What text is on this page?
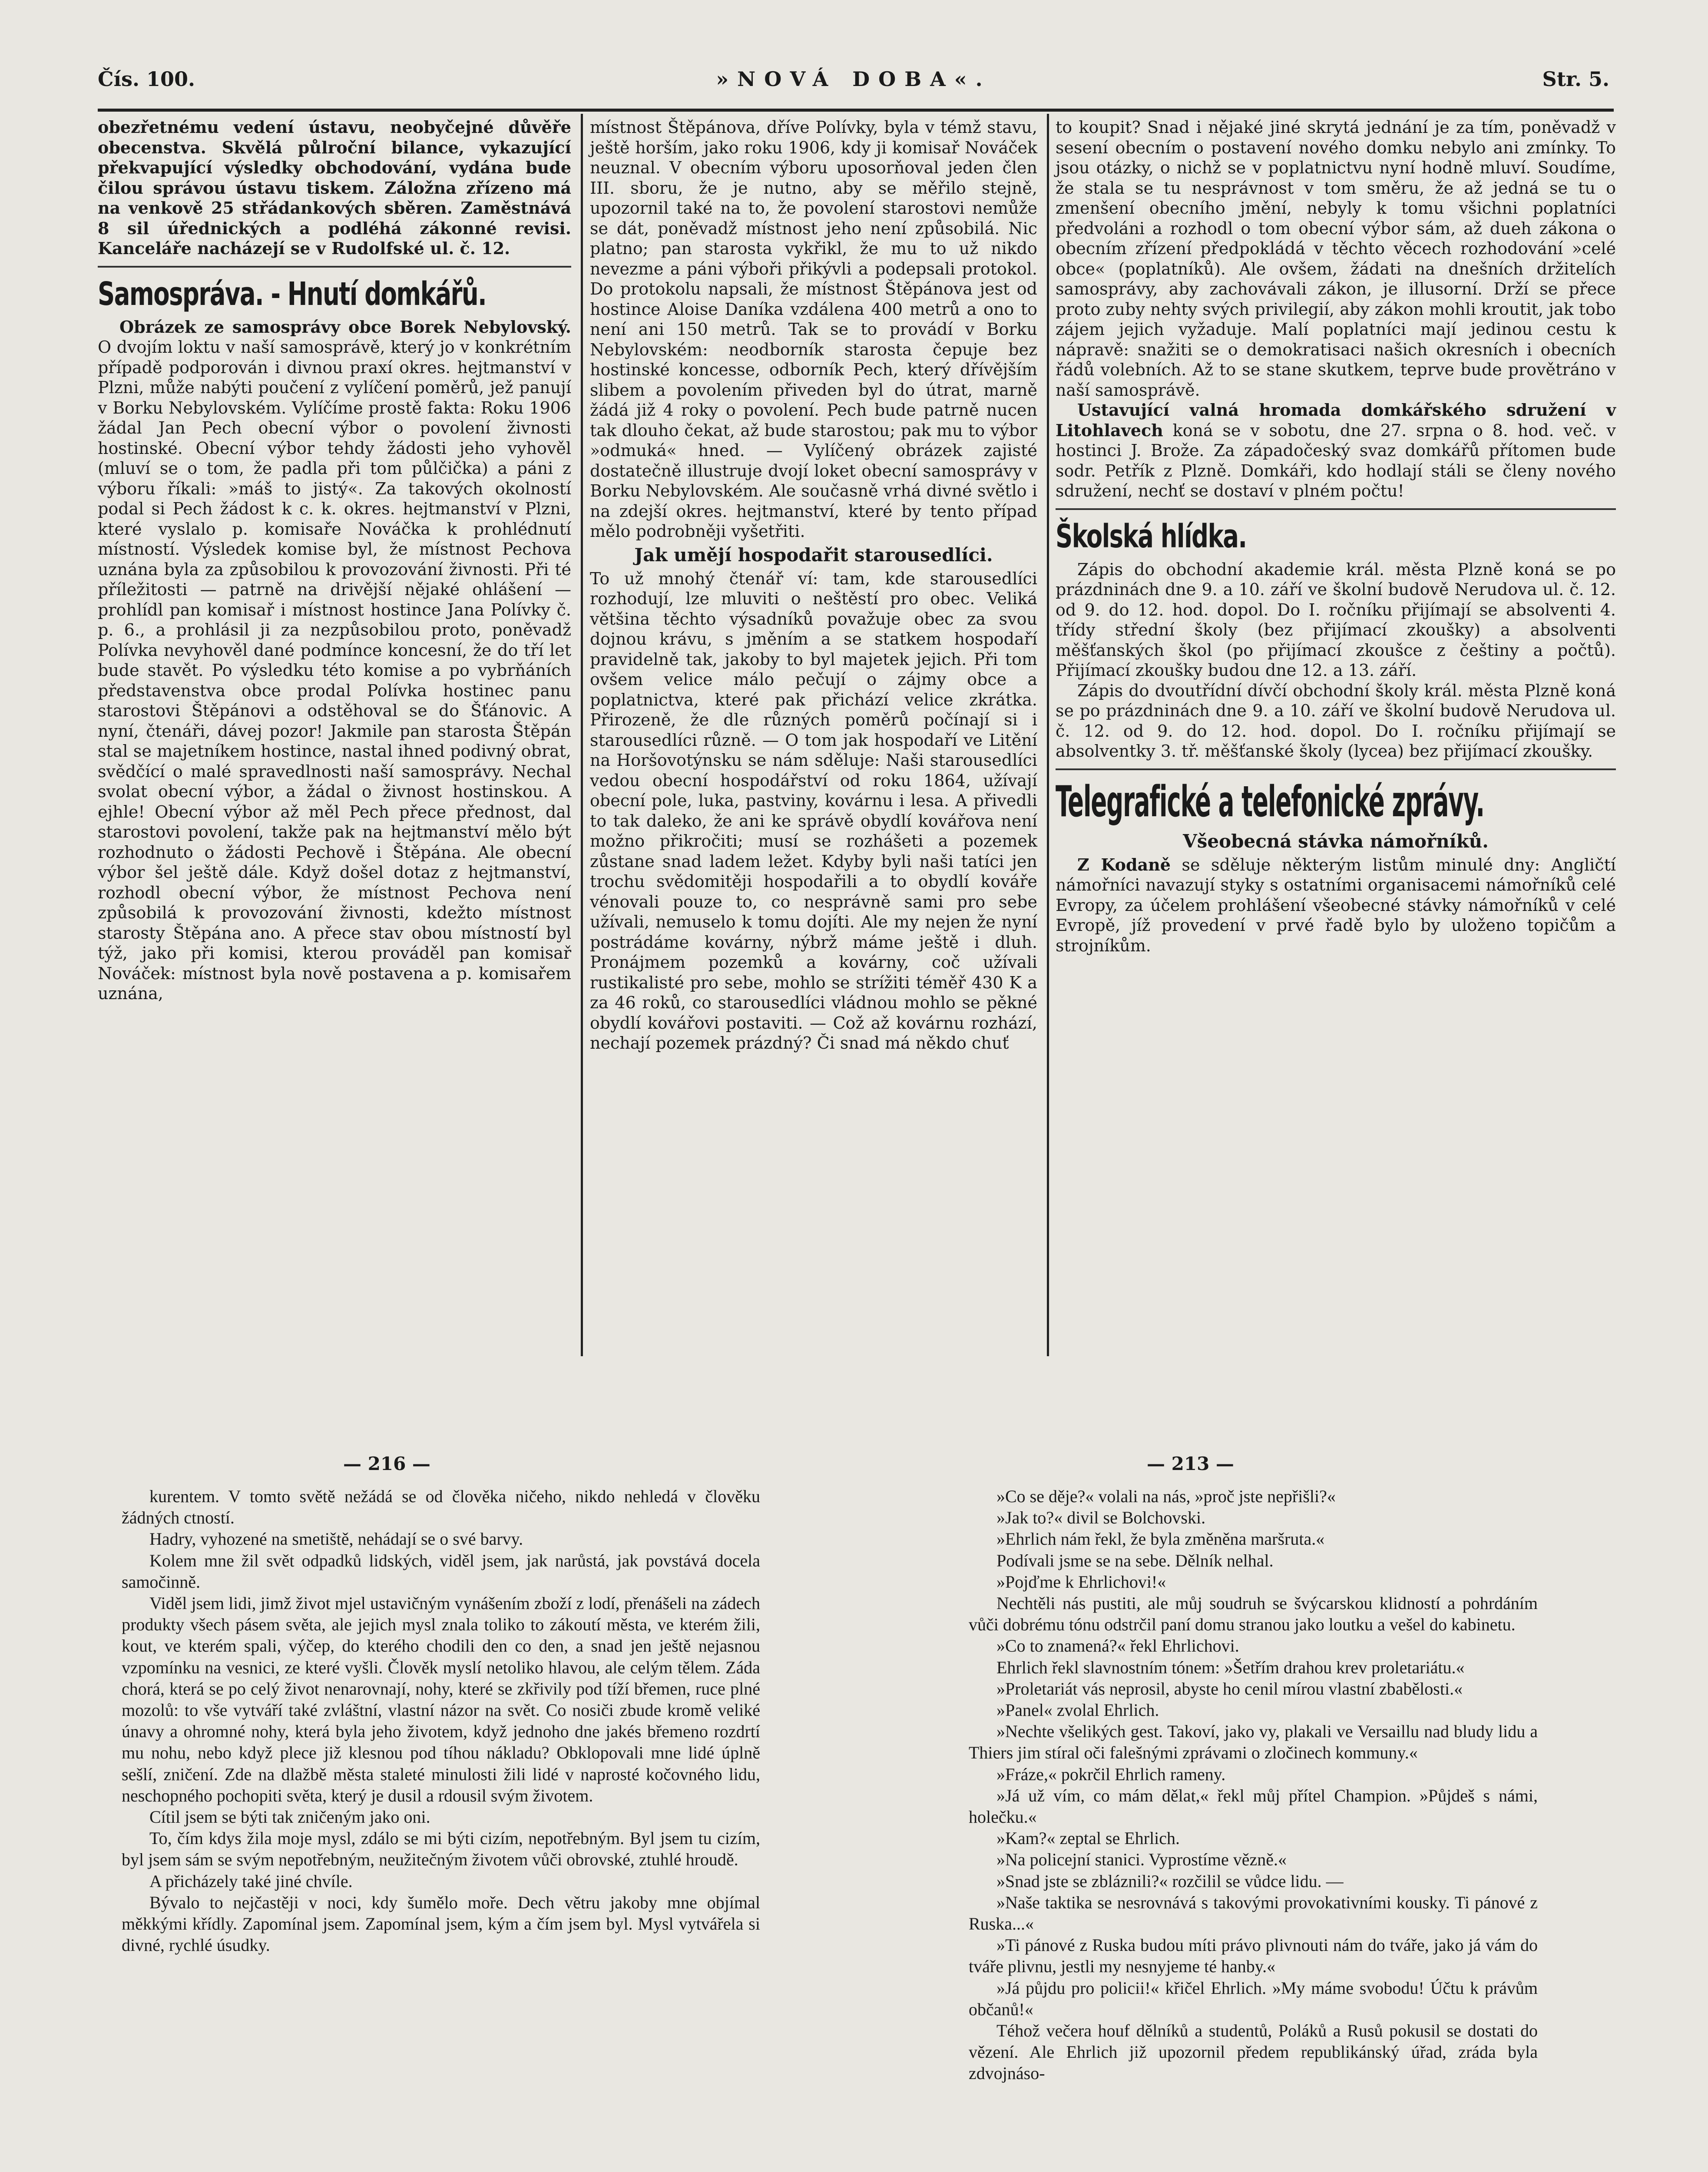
Čís. 100.	»NOVÁ DOBA«.	Str. 5.

obezřetnému vedení ústavu, neobyčejné důvěře obecenstva. Skvělá půlroční bilance, vykazující překvapující výsledky obchodování, vydána bude čilou správou ústavu tiskem. Záložna zřízeno má na venkově 25 střádankových sběren. Zaměstnává 8 sil úřednických a podléhá zákonné revisi. Kanceláře nacházejí se v Rudolfské ul. č. 12.

Samospráva. - Hnutí domkářů.

Obrázek ze samosprávy obce Borek Nebylovský. O dvojím loktu v naší samosprávě, který jo v konkrétním případě podporován i divnou praxí okres. hejtmanství v Plzni, může nabýti poučení z vylíčení poměrů, jež panují v Borku Nebylovském. Vylíčíme prostě fakta: Roku 1906 žádal Jan Pech obecní výbor o povolení živnosti hostinské. Obecní výbor tehdy žádosti jeho vyhověl (mluví se o tom, že padla při tom půlčička) a páni z výboru říkali: »máš to jistý«. Za takových okolností podal si Pech žádost k c. k. okres. hejtmanství v Plzni, které vyslalo p. komisaře Nováčka k prohlédnutí místností. Výsledek komise byl, že místnost Pechova uznána byla za způsobilou k provozování živnosti. Při té příležitosti — patrně na drivější nějaké ohlášení — prohlídl pan komisař i místnost hostince Jana Polívky č. p. 6., a prohlásil ji za nezpůsobilou proto, poněvadž Polívka nevyhověl dané podmínce koncesní, že do tří let bude stavět. Po výsledku této komise a po vybrňáních představenstva obce prodal Polívka hostinec panu starostovi Štěpánovi a odstěhoval se do Šťánovic. A nyní, čtenáři, dávej pozor! Jakmile pan starosta Štěpán stal se majetníkem hostince, nastal ihned podivný obrat, svědčící o malé spravedlnosti naší samosprávy. Nechal svolat obecní výbor, a žádal o živnost hostinskou. A ejhle! Obecní výbor až měl Pech přece přednost, dal starostovi povolení, takže pak na hejtmanství mělo být rozhodnuto o žádosti Pechově i Štěpána. Ale obecní výbor šel ještě dále. Když došel dotaz z hejtmanství, rozhodl obecní výbor, že místnost Pechova není způsobilá k provozování živnosti, kdežto místnost starosty Štěpána ano. A přece stav obou místností byl týž, jako při komisi, kterou prováděl pan komisař Nováček: místnost byla nově postavena a p. komisařem uznána,

místnost Štěpánova, dříve Polívky, byla v témž stavu, ještě horším, jako roku 1906, kdy ji komisař Nováček neuznal. V obecním výboru uposorňoval jeden člen III. sboru, že je nutno, aby se měřilo stejně, upozornil také na to, že povolení starostovi nemůže se dát, poněvadž místnost jeho není způsobilá. Nic platno; pan starosta vykřikl, že mu to už nikdo nevezme a páni výboři přikývli a podepsali protokol. Do protokolu napsali, že místnost Štěpánova jest od hostince Aloise Daníka vzdálena 400 metrů a ono to není ani 150 metrů. Tak se to provádí v Borku Nebylovském: neodborník starosta čepuje bez hostinské koncesse, odborník Pech, který dřívějším slibem a povolením přiveden byl do útrat, marně žádá již 4 roky o povolení. Pech bude patrně nucen tak dlouho čekat, až bude starostou; pak mu to výbor »odmuká« hned. — Vylíčený obrázek zajisté dostatečně illustruje dvojí loket obecní samosprávy v Borku Nebylovském. Ale současně vrhá divné světlo i na zdejší okres. hejtmanství, které by tento případ mělo podrobněji vyšetřiti.

Jak umějí hospodařit starousedlíci.

To už mnohý čtenář ví: tam, kde starousedlíci rozhodují, lze mluviti o neštěstí pro obec. Veliká většina těchto výsadníků považuje obec za svou dojnou krávu, s jměním a se statkem hospodaří pravidelně tak, jakoby to byl majetek jejich. Při tom ovšem velice málo pečují o zájmy obce a poplatnictva, které pak přichází velice zkrátka. Přirozeně, že dle různých poměrů počínají si i starousedlíci různě. — O tom jak hospodaří ve Litění na Horšovotýnsku se nám sděluje: Naši starousedlíci vedou obecní hospodářství od roku 1864, užívají obecní pole, luka, pastviny, kovárnu i lesa. A přivedli to tak daleko, že ani ke správě obydlí kovářova není možno přikročiti; musí se rozhášeti a pozemek zůstane snad ladem ležet. Kdyby byli naši tatíci jen trochu svědomitěji hospodařili a to obydlí kováře vénovali pouze to, co nesprávně sami pro sebe užívali, nemuselo k tomu dojíti. Ale my nejen že nyní postrádáme kovárny, nýbrž máme ještě i dluh. Pronájmem pozemků a kovárny, coč užívali rustikalisté pro sebe, mohlo se strížiti téměř 430 K a za 46 roků, co starousedlíci vládnou mohlo se pěkné obydlí kovářovi postaviti. — Což až kovárnu rozhází, nechají pozemek prázdný? Či snad má někdo chuť

to koupit? Snad i nějaké jiné skrytá jednání je za tím, poněvadž v sesení obecním o postavení nového domku nebylo ani zmínky. To jsou otázky, o nichž se v poplatnictvu nyní hodně mluví. Soudíme, že stala se tu nesprávnost v tom směru, že až jedná se tu o zmenšení obecního jmění, nebyly k tomu všichni poplatníci předvoláni a rozhodl o tom obecní výbor sám, až dueh zákona o obecním zřízení předpokládá v těchto věcech rozhodování »celé obce« (poplatníků). Ale ovšem, žádati na dnešních držitelích samosprávy, aby zachovávali zákon, je illusorní. Drží se přece proto zuby nehty svých privilegií, aby zákon mohli kroutit, jak tobo zájem jejich vyžaduje. Malí poplatníci mají jedinou cestu k nápravě: snažiti se o demokratisaci našich okresních i obecních řádů volebních. Až to se stane skutkem, teprve bude provětráno v naší samosprávě.

Ustavující valná hromada domkářského sdružení v Litohlavech koná se v sobotu, dne 27. srpna o 8. hod. več. v hostinci J. Brože. Za západočeský svaz domkářů přítomen bude sodr. Petřík z Plzně. Domkáři, kdo hodlají stáli se členy nového sdružení, nechť se dostaví v plném počtu!

Školská hlídka.

Zápis do obchodní akademie král. města Plzně koná se po prázdninách dne 9. a 10. září ve školní budově Nerudova ul. č. 12. od 9. do 12. hod. dopol. Do I. ročníku přijímají se absolventi 4. třídy střední školy (bez přijímací zkoušky) a absolventi měšťanských škol (po přijímací zkoušce z češtiny a počtů). Přijímací zkoušky budou dne 12. a 13. září.

Zápis do dvoutřídní dívčí obchodní školy král. města Plzně koná se po prázdninách dne 9. a 10. září ve školní budově Nerudova ul. č. 12. od 9. do 12. hod. dopol. Do I. ročníku přijímají se absolventky 3. tř. měšťanské školy (lycea) bez přijímací zkoušky.

Telegrafické a telefonické zprávy.
Všeobecná stávka námořníků.

Z Kodaně se sděluje některým listům minulé dny: Angličtí námořníci navazují styky s ostatními organisacemi námořníků celé Evropy, za účelem prohlášení všeobecné stávky námořníků v celé Evropě, jíž provedení v prvé řadě bylo by uloženo topičům a strojníkům.

— 216 —

kurentem. V tomto světě nežádá se od člověka ničeho, nikdo nehledá v člověku žádných ctností.

Hadry, vyhozené na smetiště, nehádají se o své barvy.

Kolem mne žil svět odpadků lidských, viděl jsem, jak narůstá, jak povstává docela samočinně.

Viděl jsem lidi, jimž život mjel ustavičným vynášením zboží z lodí, přenášeli na zádech produkty všech pásem světa, ale jejich mysl znala toliko to zákoutí města, ve kterém žili, kout, ve kterém spali, výčep, do kterého chodili den co den, a snad jen ještě nejasnou vzpomínku na vesnici, ze které vyšli. Člověk myslí netoliko hlavou, ale celým tělem. Záda chorá, která se po celý život nenarovnají, nohy, které se zkřivily pod tíží břemen, ruce plné mozolů: to vše vytváří také zvláštní, vlastní názor na svět. Co nosiči zbude kromě veliké únavy a ohromné nohy, která byla jeho životem, když jednoho dne jakés břemeno rozdrtí mu nohu, nebo když plece již klesnou pod tíhou nákladu? Obklopovali mne lidé úplně sešlí, zničení. Zde na dlažbě města staleté minulosti žili lidé v naprosté kočovného lidu, neschopného pochopiti světa, který je dusil a rdousil svým životem.

Cítil jsem se býti tak zničeným jako oni.

To, čím kdys žila moje mysl, zdálo se mi býti cizím, nepotřebným. Byl jsem tu cizím, byl jsem sám se svým nepotřebným, neužitečným životem vůči obrovské, ztuhlé hroudě.

A přicházely také jiné chvíle.

Bývalo to nejčastěji v noci, kdy šumělo moře. Dech větru jakoby mne objímal měkkými křídly. Zapomínal jsem. Zapomínal jsem, kým a čím jsem byl. Mysl vytvářela si divné, rychlé úsudky.

— 213 —

»Co se děje?« volali na nás, »proč jste nepřišli?«

»Jak to?« divil se Bolchovski.

»Ehrlich nám řekl, že byla změněna maršruta.«

Podívali jsme se na sebe. Dělník nelhal.

»Pojďme k Ehrlichovi!«

Nechtěli nás pustiti, ale můj soudruh se švýcarskou klidností a pohrdáním vůči dobrému tónu odstrčil paní domu stranou jako loutku a vešel do kabinetu.

»Co to znamená?« řekl Ehrlichovi.

Ehrlich řekl slavnostním tónem: »Šetřím drahou krev proletariátu.«

»Proletariát vás neprosil, abyste ho cenil mírou vlastní zbabělosti.«

»Panel« zvolal Ehrlich.

»Nechte všelikých gest. Takoví, jako vy, plakali ve Versaillu nad bludy lidu a Thiers jim stíral oči falešnými zprávami o zločinech kommuny.«

»Fráze,« pokrčil Ehrlich rameny.

»Já už vím, co mám dělat,« řekl můj přítel Champion. »Půjdeš s námi, holečku.«

»Kam?« zeptal se Ehrlich.

»Na policejní stanici. Vyprostíme vězně.«

»Snad jste se zbláznili?« rozčilil se vůdce lidu. —

»Naše taktika se nesrovnává s takovými provokativními kousky. Ti pánové z Ruska...«

»Ti pánové z Ruska budou míti právo plivnouti nám do tváře, jako já vám do tváře plivnu, jestli my nesnyjeme té hanby.«

»Já půjdu pro policii!« křičel Ehrlich. »My máme svobodu! Účtu k právům občanů!«

Téhož večera houf dělníků a studentů, Poláků a Rusů pokusil se dostati do vězení. Ale Ehrlich již upozornil předem republikánský úřad, zráda byla zdvojnáso-
